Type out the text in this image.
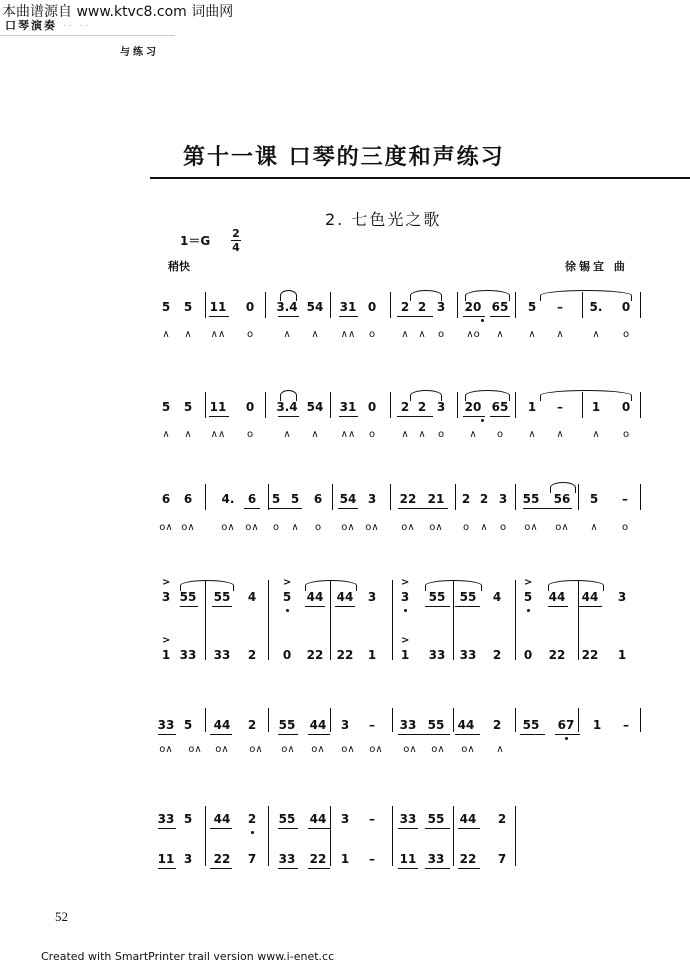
本曲谱源自 www.ktvc8.com 词曲网
口琴演奏 ·· ··
与练习
第十一课 口琴的三度和声练习
2. 七色光之歌
1＝G
2
4
稍快	徐锡宜 曲
5	5	11	0	3.4 54	31 0	2 2 3	20 65	5	–	5.	0
∧	∧	∧∧	o	∧	∧	∧∧	o	∧ ∧	o	∧o	∧	∧	∧	∧	o
5	5	11	0	3.4 54	31 0	2 2 3	20 65	1	–	1	0
∧	∧	∧∧	o	∧	∧	∧∧	o	∧ ∧	o	∧	o	∧	∧	∧	o
6	6	4.	6	5 5	6	54 3	22 21	2 2 3	55	56	5	–
o∧ o∧	o∧	o∧	o	∧	o	o∧	o∧	o∧	o∧	o	∧	o	o∧	o∧	∧	o
3 55	55	4	5	44	44	3	3	55	55	4	5	44	44	3
1 33	33	2	0	22	22	1	1	33	33	2	0	22	22	1
>	>	>	>
>	>
33 5	44	2	55	44	3	–	33 55	44	2	55	67	1	–
o∧	o∧	o∧	o∧	o∧	o∧	o∧	o∧	o∧	o∧	o∧	∧
33 5	44	2	55	44	3	–	33 55	44	2
11 3	22	7	33	22	1	–	11 33	22	7
52
Created with SmartPrinter trail version www.i-enet.cc
